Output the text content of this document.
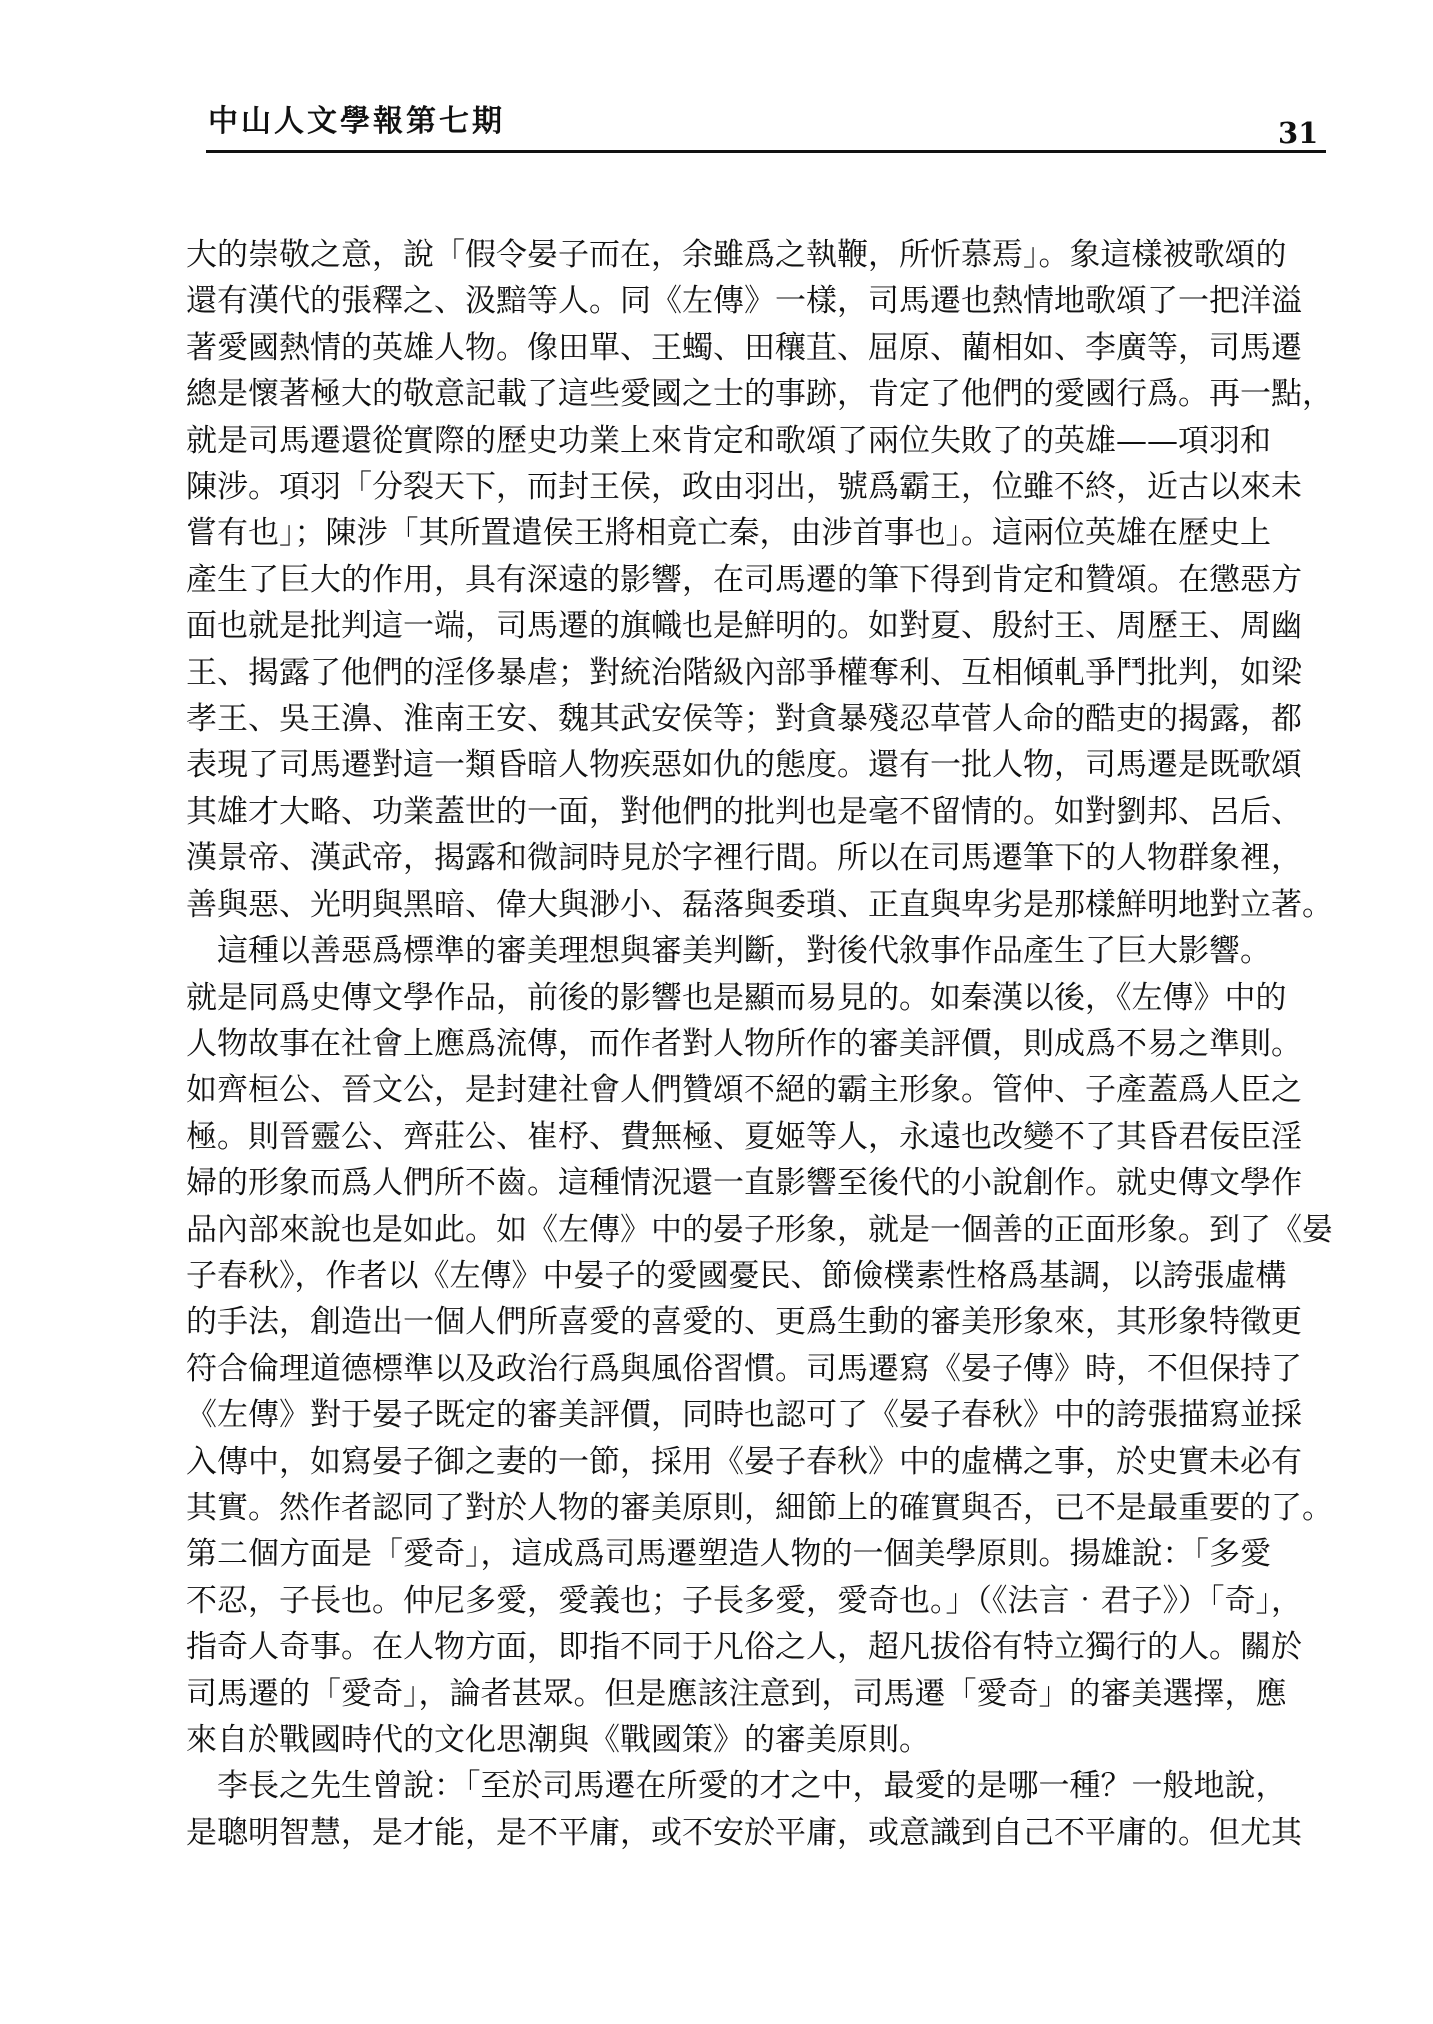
中山人文學報第七期	31
大的崇敬之意，說「假令晏子而在，余雖爲之執鞭，所忻慕焉」。象這樣被歌頌的
還有漢代的張釋之、汲黯等人。同《左傳》一樣，司馬遷也熱情地歌頌了一把洋溢
著愛國熱情的英雄人物。像田單、王蠋、田穰苴、屈原、藺相如、李廣等，司馬遷
總是懷著極大的敬意記載了這些愛國之士的事跡，肯定了他們的愛國行爲。再一點，
就是司馬遷還從實際的歷史功業上來肯定和歌頌了兩位失敗了的英雄——項羽和
陳涉。項羽「分裂天下，而封王侯，政由羽出，號爲霸王，位雖不終，近古以來未
嘗有也」；陳涉「其所置遣侯王將相竟亡秦，由涉首事也」。這兩位英雄在歷史上
產生了巨大的作用，具有深遠的影響，在司馬遷的筆下得到肯定和贊頌。在懲惡方
面也就是批判這一端，司馬遷的旗幟也是鮮明的。如對夏、殷紂王、周歷王、周幽
王、揭露了他們的淫侈暴虐；對統治階級內部爭權奪利、互相傾軋爭鬥批判，如梁
孝王、吳王濞、淮南王安、魏其武安侯等；對貪暴殘忍草菅人命的酷吏的揭露，都
表現了司馬遷對這一類昏暗人物疾惡如仇的態度。還有一批人物，司馬遷是既歌頌
其雄才大略、功業蓋世的一面，對他們的批判也是毫不留情的。如對劉邦、呂后、
漢景帝、漢武帝，揭露和微詞時見於字裡行間。所以在司馬遷筆下的人物群象裡，
善與惡、光明與黑暗、偉大與渺小、磊落與委瑣、正直與卑劣是那樣鮮明地對立著。
　這種以善惡爲標準的審美理想與審美判斷，對後代敘事作品產生了巨大影響。
就是同爲史傳文學作品，前後的影響也是顯而易見的。如秦漢以後，《左傳》中的
人物故事在社會上應爲流傳，而作者對人物所作的審美評價，則成爲不易之準則。
如齊桓公、晉文公，是封建社會人們贊頌不絕的霸主形象。管仲、子產蓋爲人臣之
極。則晉靈公、齊莊公、崔杼、費無極、夏姬等人，永遠也改變不了其昏君佞臣淫
婦的形象而爲人們所不齒。這種情況還一直影響至後代的小說創作。就史傳文學作
品內部來說也是如此。如《左傳》中的晏子形象，就是一個善的正面形象。到了《晏
子春秋》，作者以《左傳》中晏子的愛國憂民、節儉樸素性格爲基調，以誇張虛構
的手法，創造出一個人們所喜愛的喜愛的、更爲生動的審美形象來，其形象特徵更
符合倫理道德標準以及政治行爲與風俗習慣。司馬遷寫《晏子傳》時，不但保持了
《左傳》對于晏子既定的審美評價，同時也認可了《晏子春秋》中的誇張描寫並採
入傳中，如寫晏子御之妻的一節，採用《晏子春秋》中的虛構之事，於史實未必有
其實。然作者認同了對於人物的審美原則，細節上的確實與否，已不是最重要的了。
第二個方面是「愛奇」，這成爲司馬遷塑造人物的一個美學原則。揚雄說：「多愛
不忍，子長也。仲尼多愛，愛義也；子長多愛，愛奇也。」（《法言‧君子》）「奇」，
指奇人奇事。在人物方面，即指不同于凡俗之人，超凡拔俗有特立獨行的人。關於
司馬遷的「愛奇」，論者甚眾。但是應該注意到，司馬遷「愛奇」的審美選擇，應
來自於戰國時代的文化思潮與《戰國策》的審美原則。
　李長之先生曾說：「至於司馬遷在所愛的才之中，最愛的是哪一種？一般地說，
是聰明智慧，是才能，是不平庸，或不安於平庸，或意識到自己不平庸的。但尤其
